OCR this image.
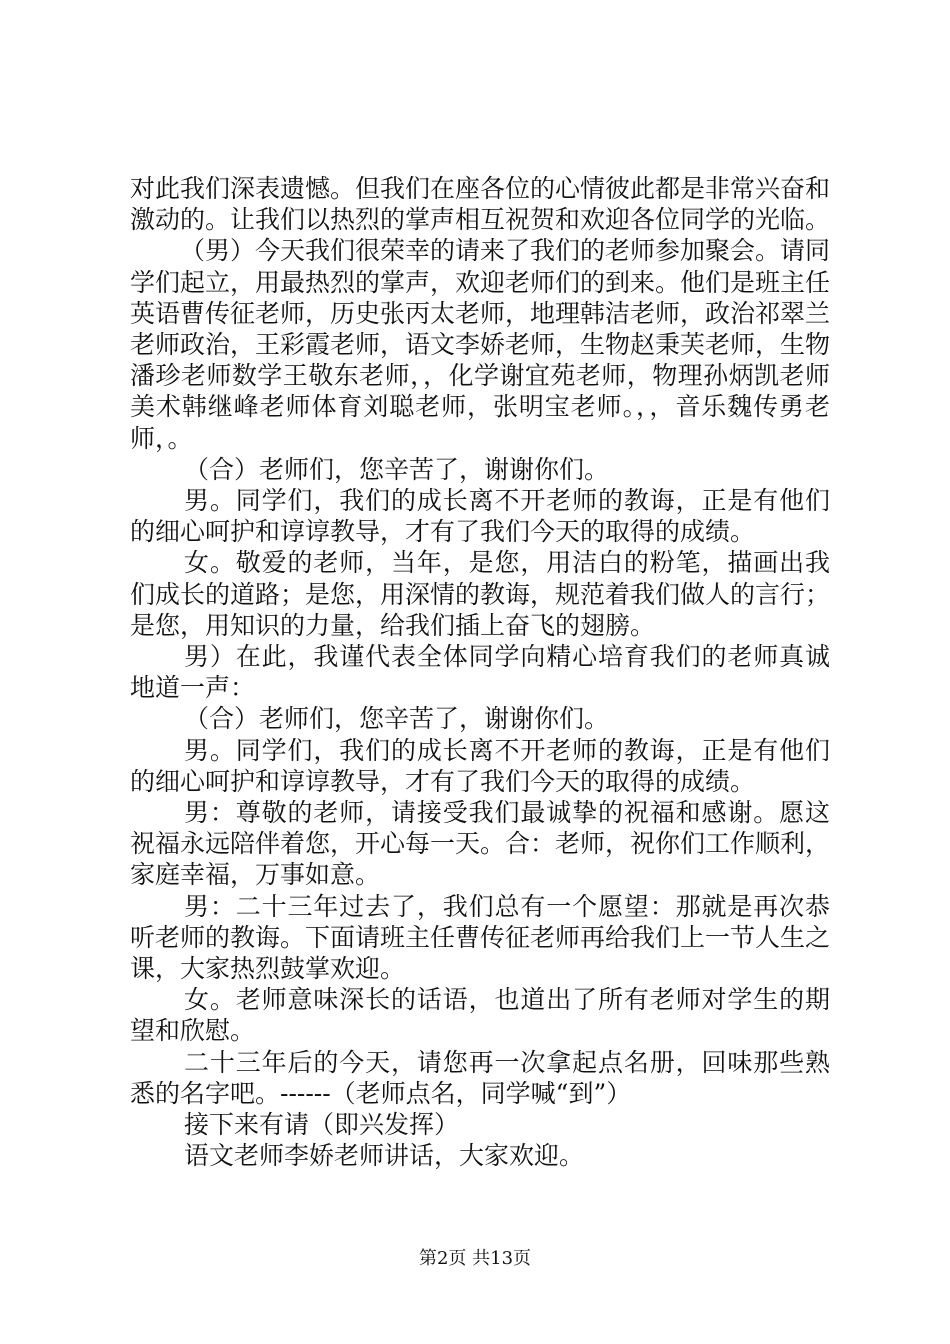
对此我们深表遗憾。但我们在座各位的心情彼此都是非常兴奋和激动的。让我们以热烈的掌声相互祝贺和欢迎各位同学的光临。

（男）今天我们很荣幸的请来了我们的老师参加聚会。请同学们起立，用最热烈的掌声，欢迎老师们的到来。他们是班主任英语曹传征老师，历史张丙太老师，地理韩洁老师，政治祁翠兰老师政治，王彩霞老师，语文李娇老师，生物赵秉芙老师，生物潘珍老师数学王敬东老师，，化学谢宜苑老师，物理孙炳凯老师美术韩继峰老师体育刘聪老师，张明宝老师。，，音乐魏传勇老师，。

（合）老师们，您辛苦了，谢谢你们。

男。同学们，我们的成长离不开老师的教诲，正是有他们的细心呵护和谆谆教导，才有了我们今天的取得的成绩。

女。敬爱的老师，当年，是您，用洁白的粉笔，描画出我们成长的道路；是您，用深情的教诲，规范着我们做人的言行；是您，用知识的力量，给我们插上奋飞的翅膀。

男）在此，我谨代表全体同学向精心培育我们的老师真诚地道一声：

（合）老师们，您辛苦了，谢谢你们。

男。同学们，我们的成长离不开老师的教诲，正是有他们的细心呵护和谆谆教导，才有了我们今天的取得的成绩。

男：尊敬的老师，请接受我们最诚挚的祝福和感谢。愿这祝福永远陪伴着您，开心每一天。合：老师，祝你们工作顺利，家庭幸福，万事如意。

男：二十三年过去了，我们总有一个愿望：那就是再次恭听老师的教诲。下面请班主任曹传征老师再给我们上一节人生之课，大家热烈鼓掌欢迎。

女。老师意味深长的话语，也道出了所有老师对学生的期望和欣慰。

二十三年后的今天，请您再一次拿起点名册，回味那些熟悉的名字吧。------（老师点名，同学喊“到”）

接下来有请（即兴发挥）

语文老师李娇老师讲话，大家欢迎。

第2页 共13页
